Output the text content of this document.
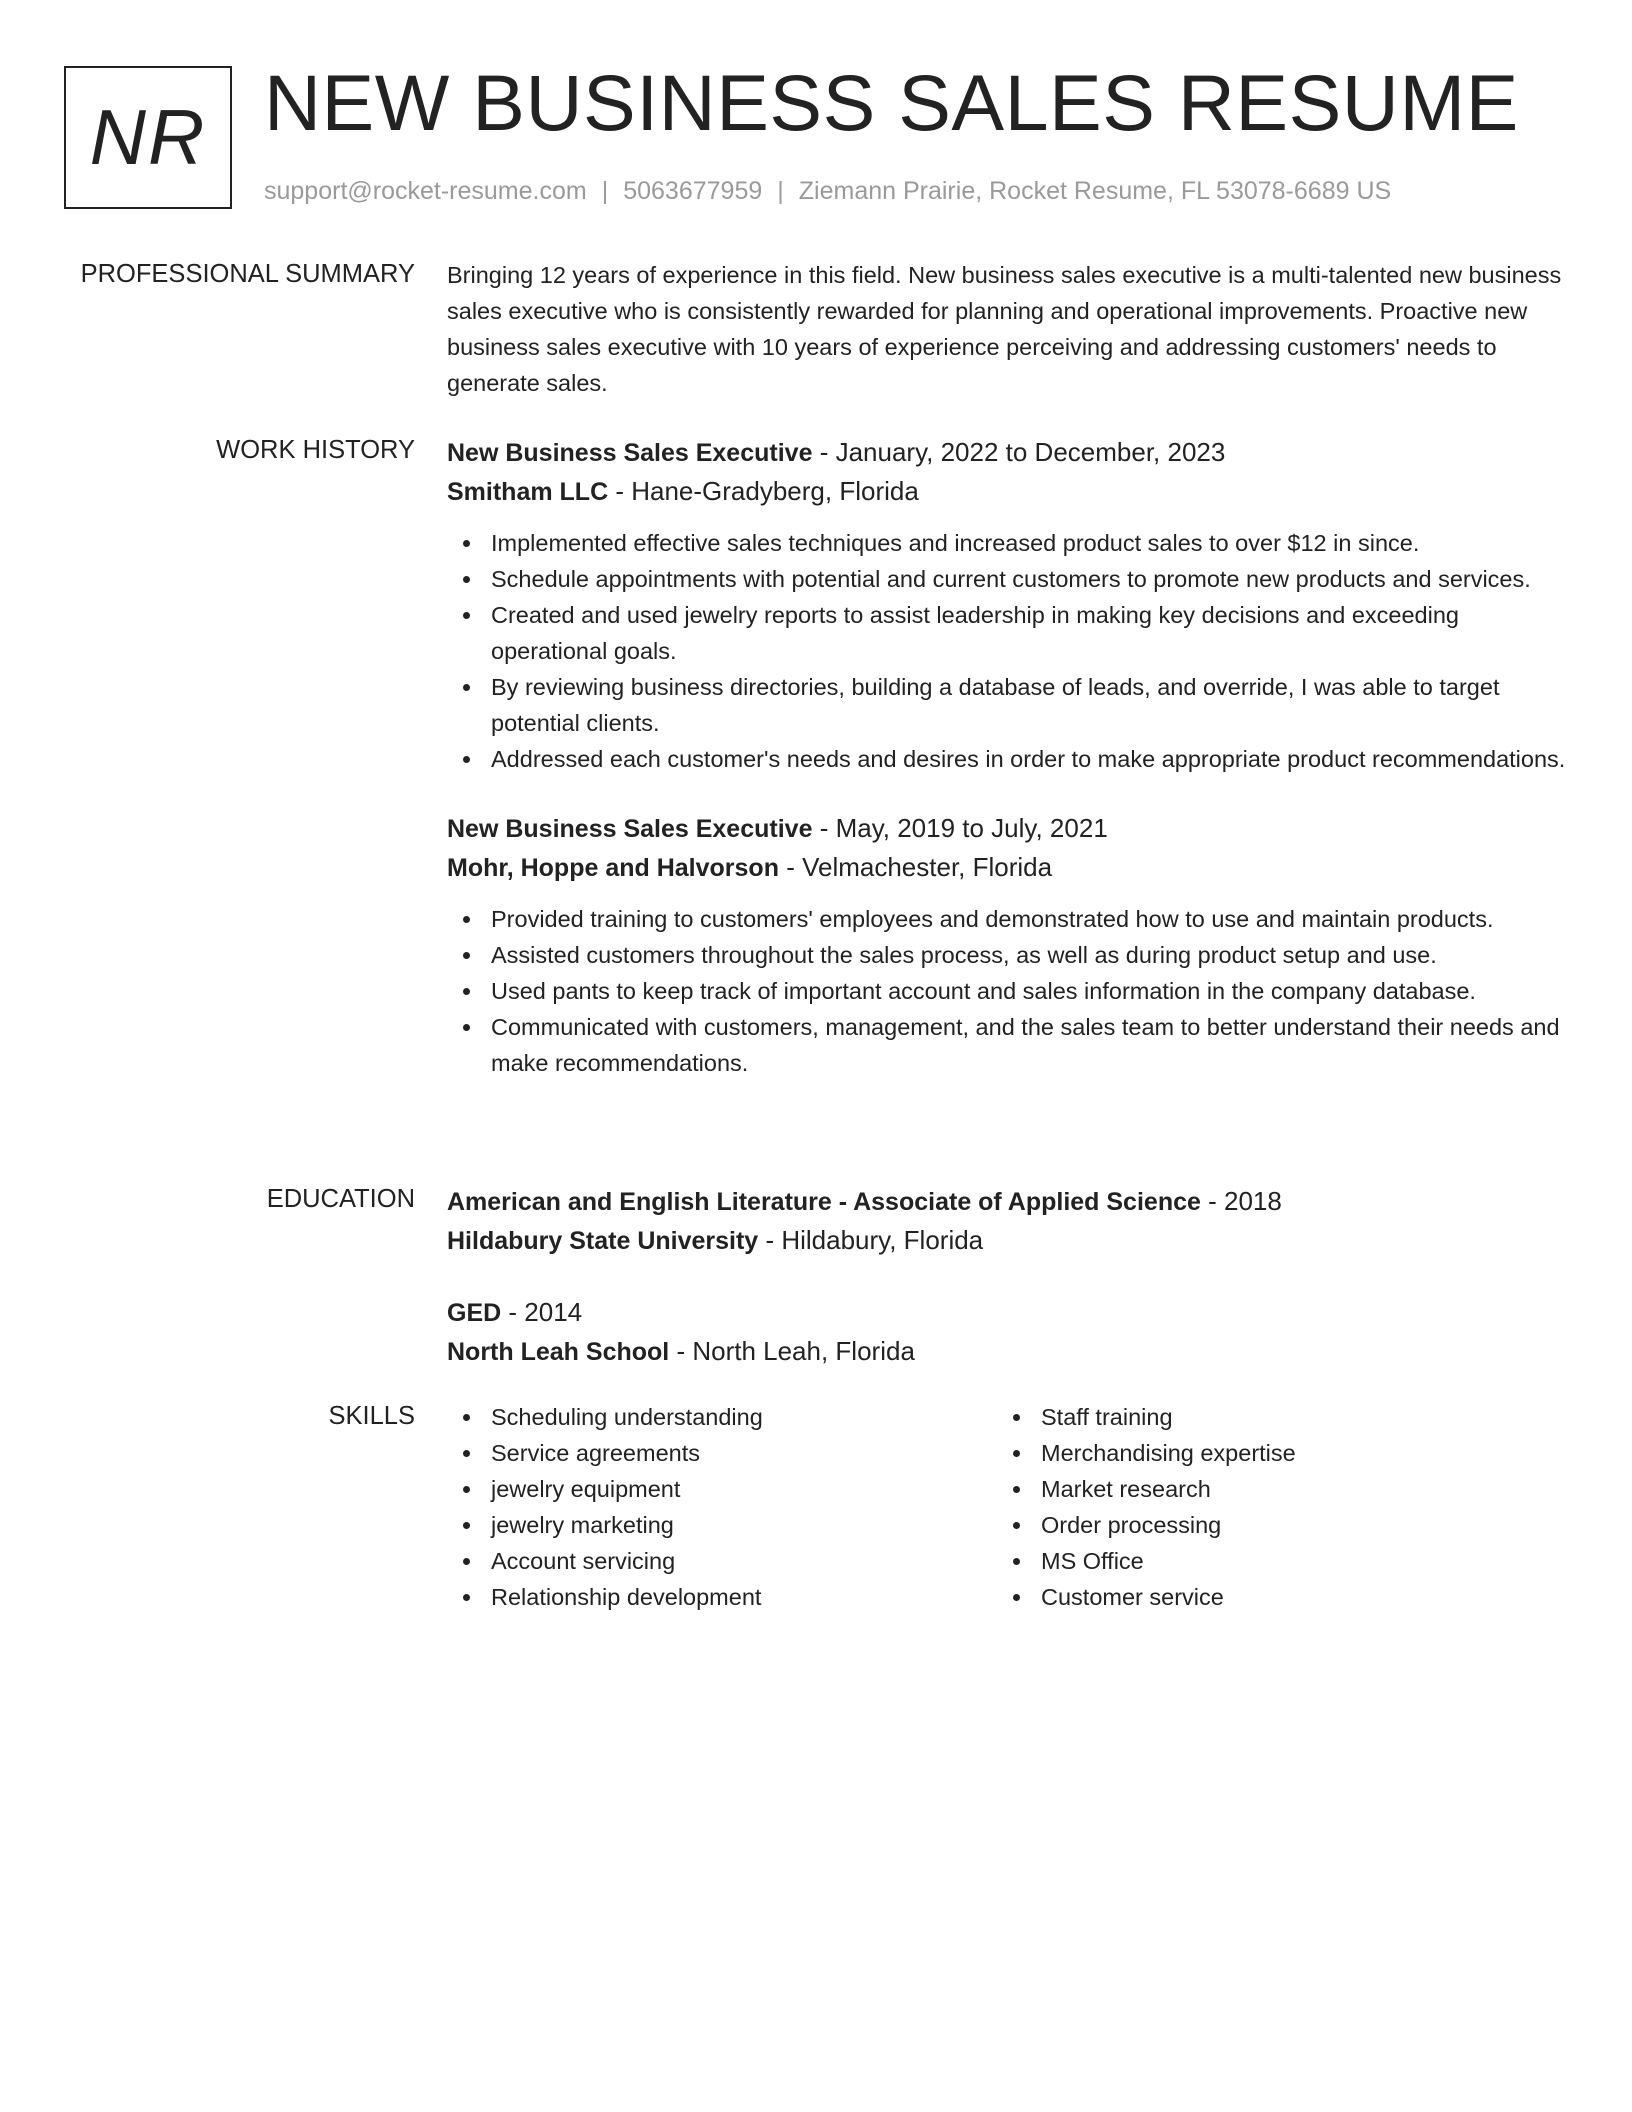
NR NEW BUSINESS SALES RESUME
support@rocket-resume.com | 5063677959 | Ziemann Prairie, Rocket Resume, FL 53078-6689 US
PROFESSIONAL SUMMARY Bringing 12 years of experience in this field. New business sales executive is a multi-talented new business sales executive who is consistently rewarded for planning and operational improvements. Proactive new business sales executive with 10 years of experience perceiving and addressing customers' needs to generate sales.
WORK HISTORY New Business Sales Executive - January, 2022 to December, 2023
Smitham LLC - Hane-Gradyberg, Florida
Implemented effective sales techniques and increased product sales to over $12 in since.
Schedule appointments with potential and current customers to promote new products and services.
Created and used jewelry reports to assist leadership in making key decisions and exceeding operational goals.
By reviewing business directories, building a database of leads, and override, I was able to target potential clients.
Addressed each customer's needs and desires in order to make appropriate product recommendations.
New Business Sales Executive - May, 2019 to July, 2021
Mohr, Hoppe and Halvorson - Velmachester, Florida
Provided training to customers' employees and demonstrated how to use and maintain products.
Assisted customers throughout the sales process, as well as during product setup and use.
Used pants to keep track of important account and sales information in the company database.
Communicated with customers, management, and the sales team to better understand their needs and make recommendations.
EDUCATION American and English Literature - Associate of Applied Science - 2018
Hildabury State University - Hildabury, Florida
GED - 2014
North Leah School - North Leah, Florida
SKILLS	Scheduling understanding
Service agreements
jewelry equipment
jewelry marketing
Account servicing
Relationship development
Staff training
Merchandising expertise
Market research
Order processing
MS Office
Customer service
